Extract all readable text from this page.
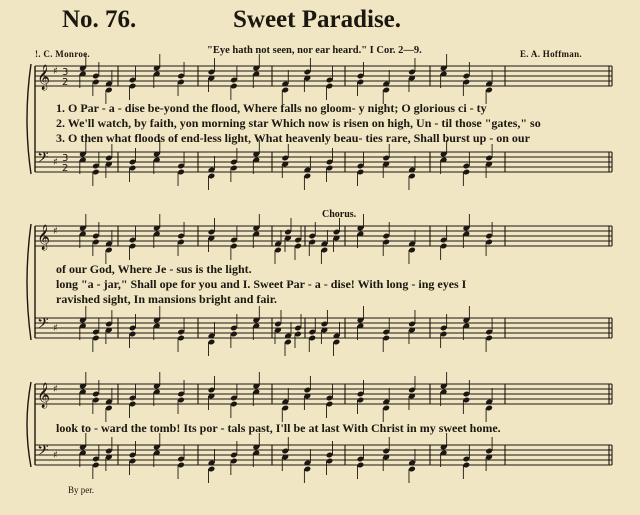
No. 76.	Sweet Paradise.
!. C. Monroe.	"Eye hath not seen, nor ear heard." I Cor. 2—9.	E. A. Hoffman.
Chorus.
By per.
𝄞
𝄢
♯
♯
3
2
3
2
𝄞
𝄢
♯
♯
𝄞
𝄢
♯
♯
1. O Par - a - dise be-yond the flood, Where falls no gloom- y night; O glorious ci - ty
2. We'll watch, by faith, yon morning star Which now is risen on high, Un - til those "gates," so
3. O then what floods of end-less light, What heavenly beau- ties rare, Shall burst up - on our
of our God, Where Je - sus is the light.
long "a - jar," Shall ope for you and I. Sweet Par - a - dise! With long - ing eyes I
ravished sight, In mansions bright and fair.
look to - ward the tomb! Its por - tals past, I'll be at last With Christ in my sweet home.
